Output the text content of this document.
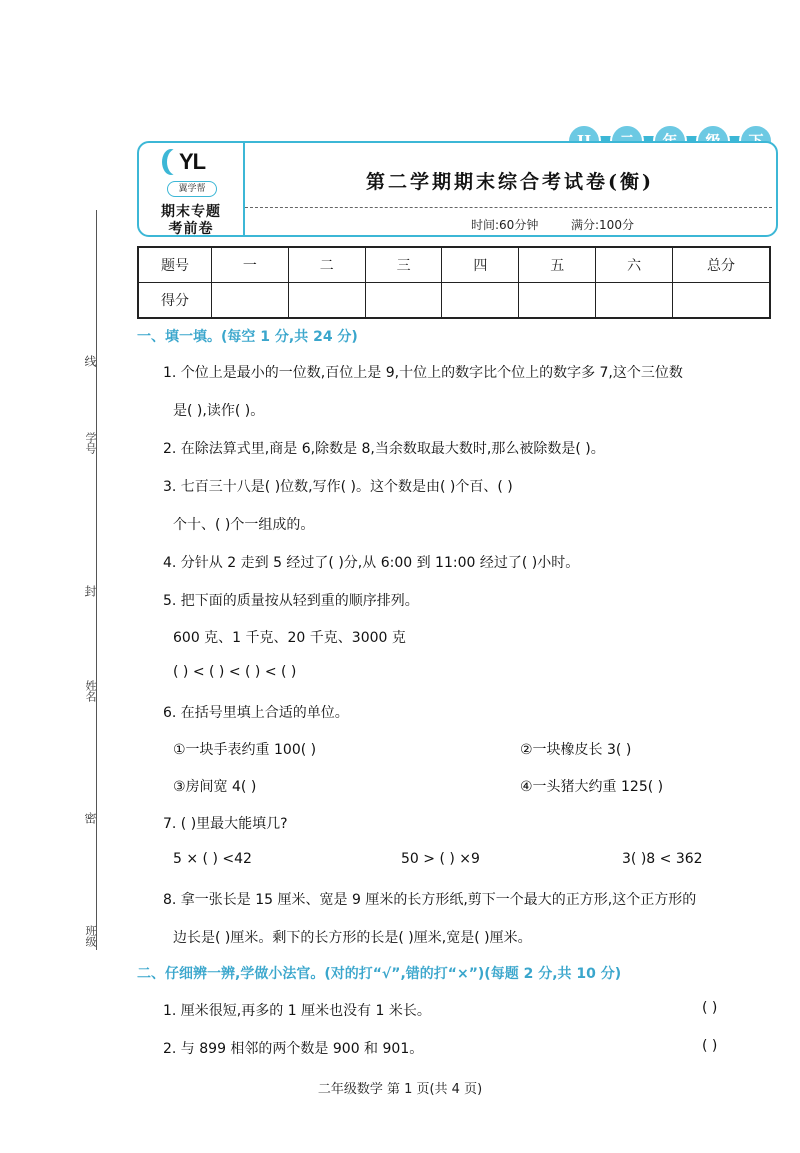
线
封
密
学号
姓名
班级
YL
翼学帮
期末专题
考前卷
第二学期期末综合考试卷(衡)
时间:60分钟	满分:100分
题号	一	二	三	四	五	六	总分
得分							
一、填一填。(每空 1 分,共 24 分)
1. 个位上是最小的一位数,百位上是 9,十位上的数字比个位上的数字多 7,这个三位数
是( ),读作( )。
2. 在除法算式里,商是 6,除数是 8,当余数取最大数时,那么被除数是( )。
3. 七百三十八是( )位数,写作( )。这个数是由( )个百、( )
个十、( )个一组成的。
4. 分针从 2 走到 5 经过了( )分,从 6:00 到 11:00 经过了( )小时。
5. 把下面的质量按从轻到重的顺序排列。
600 克、1 千克、20 千克、3000 克
( ) < ( ) < ( ) < ( )
6. 在括号里填上合适的单位。
①一块手表约重 100( )	②一块橡皮长 3( )
③房间宽 4( )	④一头猪大约重 125( )
7. ( )里最大能填几?
5 × ( ) <42	50 > ( ) ×9	3( )8 < 362
8. 拿一张长是 15 厘米、宽是 9 厘米的长方形纸,剪下一个最大的正方形,这个正方形的
边长是( )厘米。剩下的长方形的长是( )厘米,宽是( )厘米。
二、仔细辨一辨,学做小法官。(对的打“√”,错的打“×”)(每题 2 分,共 10 分)
1. 厘米很短,再多的 1 厘米也没有 1 米长。	( )
2. 与 899 相邻的两个数是 900 和 901。	( )
二年级数学 第 1 页(共 4 页)
